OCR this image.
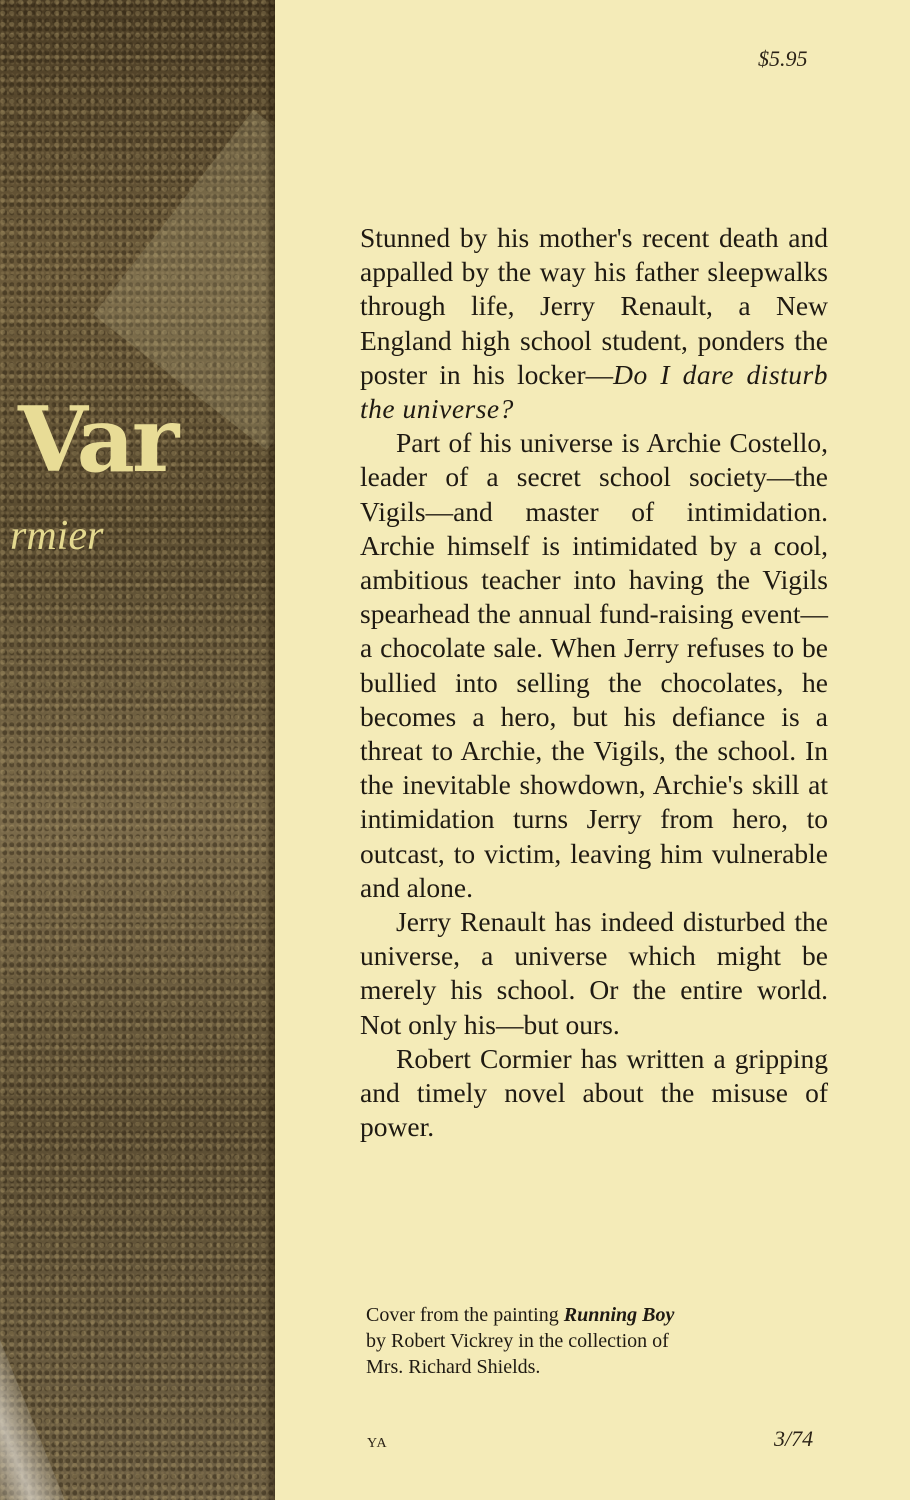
Var
rmier
$5.95

Stunned by his mother's recent death and appalled by the way his father sleepwalks through life, Jerry Renault, a New England high school student, ponders the poster in his locker—Do I dare disturb the universe?

Part of his universe is Archie Costello, leader of a secret school society—the Vigils—and master of intimidation. Archie himself is intimidated by a cool, ambitious teacher into having the Vigils spearhead the annual fund-raising event—a chocolate sale. When Jerry refuses to be bullied into selling the chocolates, he becomes a hero, but his defiance is a threat to Archie, the Vigils, the school. In the inevitable showdown, Archie's skill at intimidation turns Jerry from hero, to outcast, to victim, leaving him vulnerable and alone.

Jerry Renault has indeed disturbed the universe, a universe which might be merely his school. Or the entire world. Not only his—but ours.

Robert Cormier has written a gripping and timely novel about the misuse of power.

Cover from the painting Running Boy
by Robert Vickrey in the collection of
Mrs. Richard Shields.
YA	3/74
